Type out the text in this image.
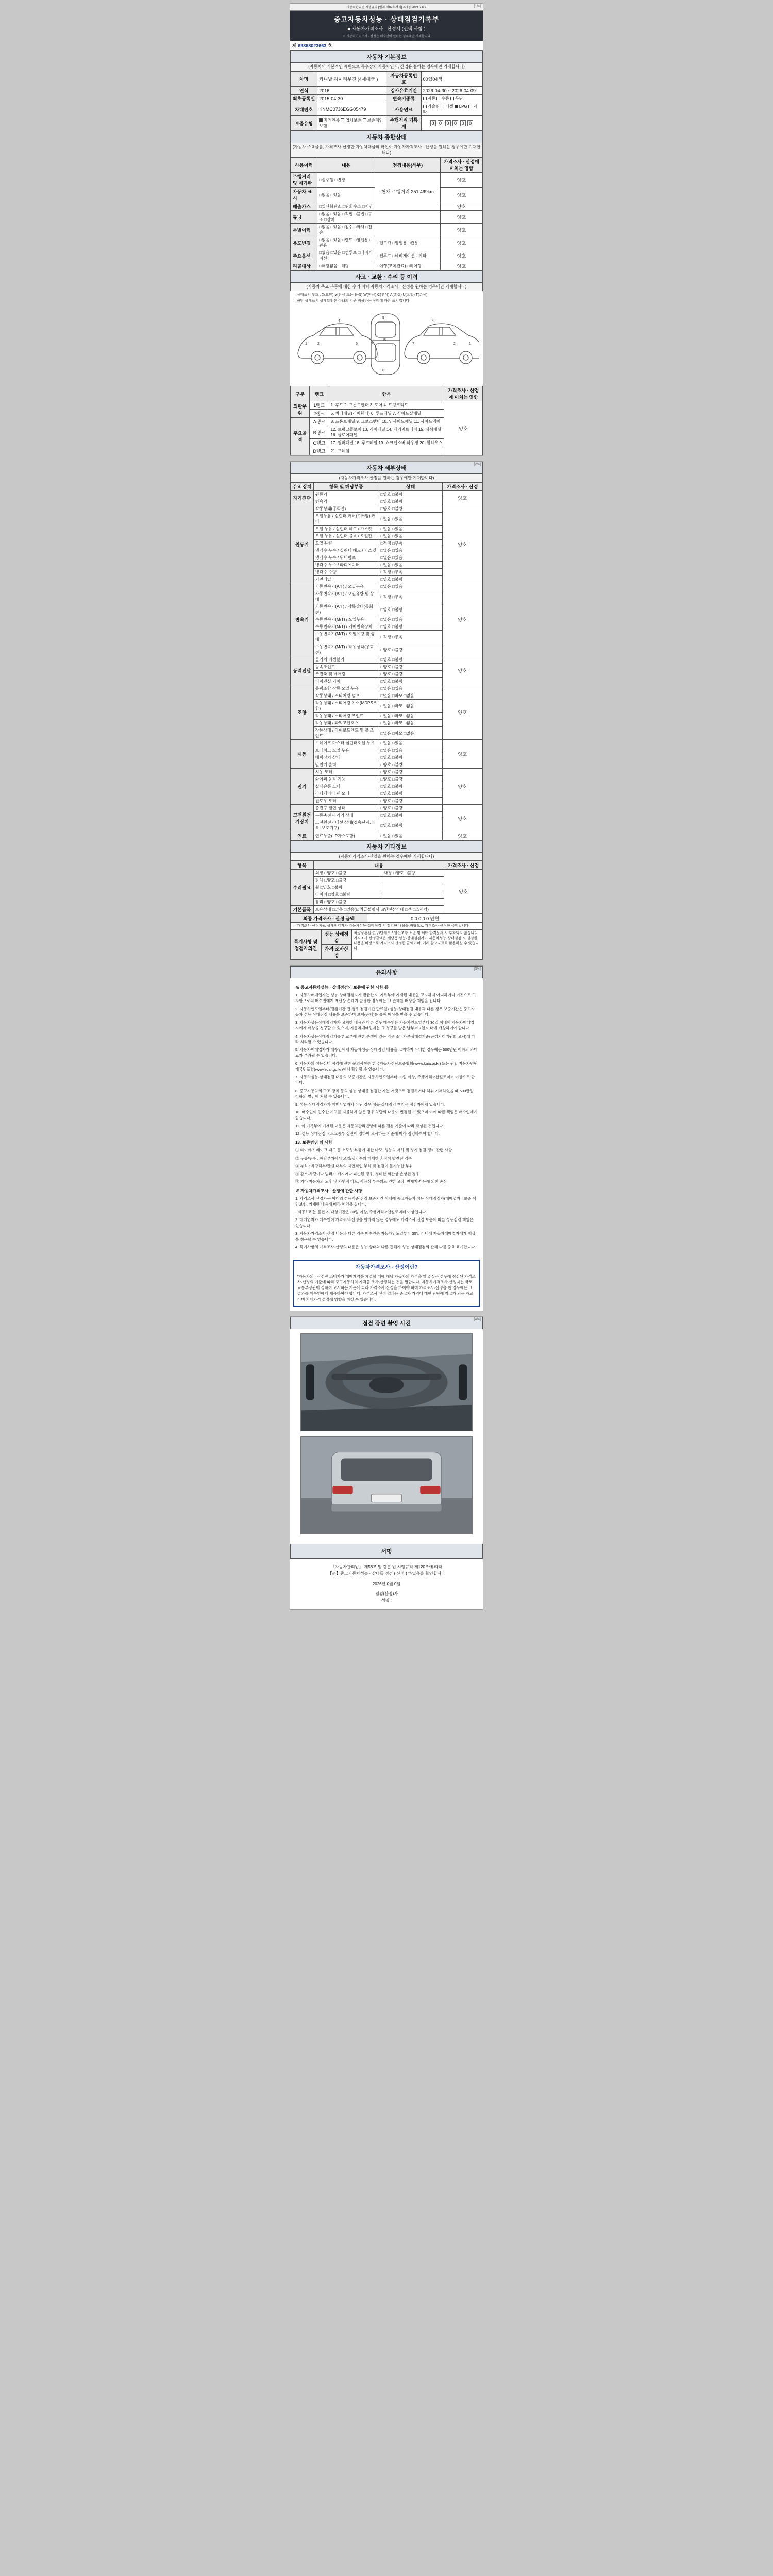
[1/4]
자동차관리법 시행규칙 [별지 제82호서식] <개정 2021.7.6.>
중고자동차성능 · 상태점검기록부
■ 자동차가격조사 · 산정서 (선택 사항 )
※ 자동차가격조사 · 산정은 매수인이 원하는 경우에만 기재합니다
제 69368023663 호
자동차 기본정보
(자동차의 기본적인 제원으로 특수장치 자동차인지, 산업용 불하는 경우에만 기재합니다)
차명	카니발 하이리무진 (4세대급 )	자동차등록번호	00있04색
연식	2016	검사유효기간	2026-04-30 ~ 2026-04-09
최초등록일	2015-04-30	변속기종류	자동 수동 무단
차대번호	KNMC07J6EGG05479	사용연료	가솔린 디젤 LPG 기타
보증유형	자기인증 업체보증 보증책임보험	주행거리 기록계	0 0 0 0 0 0
자동차 종합상태
(자동차 주요물품, 가격조사·산정한 자동차대금의 확인이 자동차가격조사 · 산정을 원하는 경우에만 기재합니다)
사용이력	내용	점검내용(세부)	가격조사 · 산정에 미치는 영향
주행거리 및 계기판	□실주행 □변경	현재 주행거리 251,499km	양호
자동차 표시	□없음 □있음		양호
배출가스	□일산화탄소 □탄화수소 □매연		양호
튜닝	□없음 □있음 □적법 □불법 □구조 □장치		양호
특별이력	□없음 □있음 □침수 □화재 □전손		양호
용도변경	□없음 □있음 □렌트 □영업용 □관용	□렌트카 □영업용 □관용	양호
주요옵션	□없음 □있음 □썬루프 □네비게이션	□썬루프 □네비게이션 □기타	양호
리콜대상	□해당없음 □해당	□이행(조치완료) □미이행	양호
사고 · 교환 · 수리 등 이력
(자동차 주요 부품에 대한 수리 이력 자동차가격조사 · 산정을 원하는 경우에만 기재합니다)
※ 상태표시 부호 : X(교환) ∨(판금 또는 용접) W(판금) C(부식) A(흠집) U(요철) T(손상)
※ 하단 상태표시 상태확인은 아래의 기준 적용하는 상태에 따른 표시입니다
1	2
4
5	7
9
10
8
7
4
2	1
구분	랭크	항목	가격조사 · 산정에 미치는 영향
외판부위	1랭크	1. 후드 2. 프론트휀더 3. 도어 4. 트렁크리드	양호
	2랭크	5. 쿼터패널(리어휀더) 6. 루프패널 7. 사이드실패널	
주요골격	A랭크	8. 프론트패널 9. 크로스멤버 10. 인사이드패널 11. 사이드멤버	
	B랭크	12. 트렁크플로어 13. 리어패널 14. 패키지트레이 15. 대쉬패널 16. 플로어패널	
	C랭크	17. 필러패널 18. 루프레일 19. 쇼크업소버 하우징 20. 휠하우스	
	D랭크	21. 프레임	
[2/4]
자동차 세부상태
(자동차가격조사·산정을 원하는 경우에만 기재합니다)
주요 장치	항목 및 해당부품	상태	가격조사 · 산정
자기진단	원동기	□양호 □불량	양호
	변속기	□양호 □불량	
원동기	작동상태(공회전)	□양호 □불량	양호
	오일누유 / 실린더 커버(로커암) 커버	□없음 □있음	
	오일 누유 / 실린더 헤드 / 가스켓	□없음 □있음	
	오일 누유 / 실린더 블록 / 오일팬	□없음 □있음	
	오일 유량	□적정 □부족	
	냉각수 누수 / 실린더 헤드 / 가스켓	□없음 □있음	
	냉각수 누수 / 워터펌프	□없음 □있음	
	냉각수 누수 / 라디에이터	□없음 □있음	
	냉각수 수량	□적정 □부족	
	커먼레일	□양호 □불량	
변속기	자동변속기(A/T) / 오일누유	□없음 □있음	양호
	자동변속기(A/T) / 오일유량 및 상태	□적정 □부족	
	자동변속기(A/T) / 작동상태(공회전)	□양호 □불량	
	수동변속기(M/T) / 오일누유	□없음 □있음	
	수동변속기(M/T) / 기어변속장치	□양호 □불량	
	수동변속기(M/T) / 오일유량 및 상태	□적정 □부족	
	수동변속기(M/T) / 작동상태(공회전)	□양호 □불량	
동력전달	클러치 어셈블리	□양호 □불량	양호
	등속조인트	□양호 □불량	
	추진축 및 베어링	□양호 □불량	
	디퍼렌셜 기어	□양호 □불량	
조향	동력조향 작동 오일 누유	□없음 □있음	양호
	작동상태 / 스티어링 펌프	□없음 □마모 □없음	
	작동상태 / 스티어링 기어(MDPS포함)	□없음 □마모 □없음	
	작동상태 / 스티어링 조인트	□없음 □마모 □없음	
	작동상태 / 파워고압호스	□없음 □마모 □없음	
	작동상태 / 타이로드엔드 및 볼 조인트	□없음 □마모 □없음	
제동	브레이크 마스터 실린더오일 누유	□없음 □있음	양호
	브레이크 오일 누유	□없음 □있음	
	배력장치 상태	□양호 □불량	
	발전기 출력	□양호 □불량	
전기	시동 모터	□양호 □불량	양호
	와이퍼 동작 기능	□양호 □불량	
	실내송풍 모터	□양호 □불량	
	라디에이터 팬 모터	□양호 □불량	
	윈도우 모터	□양호 □불량	
고전원전기장치	충전구 절연 상태	□양호 □불량	양호
	구동축전지 격리 상태	□양호 □불량	
	고전원전기배선 상태(접속단자, 피복, 보호기구)	□양호 □불량	
연료	연료누출(LP가스포함)	□없음 □있음	양호
자동차 기타정보
(자동차가격조사·산정을 원하는 경우에만 기재합니다)
항목	내용		가격조사 · 산정
수리필요	외장 □양호 □불량	내장 □양호 □불량	양호
	광택 □양호 □불량		
	휠 □양호 □불량		
	타이어 □양호 □불량		
	유리 □양호 □불량		
기본품목	보유상태 □없음 □있음(☑취급설명서 ☑안전삼각대 □잭 □스패너)		
최종 가격조사 · 산정 금액	0 0 0 0 0 만원
※ 가격조사·산정자료 상태점검자가 자동차성능·상태점검 시 점검한 내용을 바탕으로 가격조사·산정한 금액입니다.
특기사항 및 점검자의견	성능·상태점검	차량쿠폰실 연구/단체코스할인조항 소멸 및 혜택 합격문서 시 부착되지 않습니다 가격조사·산정금액은 해당품 성능·상태점검자가 자동차성능·상태점검 시 점검한 내용을 바탕으로 가격조사 산정한 금액이며, 거래 참고자료로 활용하실 수 있습니다
가격·조사산정
[3/4]
유의사항
※ 중고자동차성능 · 상태점검의 보증에 관한 사항 등

1. 자동차매매업자는 성능·상태점검자가 발급한 이 기록부에 기재된 내용을 고지하지 아니하거나 거짓으로 고지함으로써 매수인에게 재산상 손해가 발생한 경우에는 그 손해를 배상할 책임을 집니다.

2. 자동차인도일부터(점검기간 전 경우 점검기간 만료일) 성능·상태점검 내용과 다른 경우 보증기간은 중고자동차 성능·상태점검 내용을 보증하며 보험(공제)를 통해 배상을 받을 수 있습니다.

3. 자동차성능상태점검자가 고지한 내용과 다른 경우 매수인은 자동차인도일부터 30일 이내에 자동차매매업자에게 배상을 청구할 수 있으며, 자동차매매업자는 그 청구를 받은 날부터 7일 이내에 배상하여야 합니다.

4. 자동차성능상태점검기록부 교부에 관한 분쟁이 있는 경우 소비자분쟁해결기준(공정거래위원회 고시)에 따라 처리할 수 있습니다.

5. 자동차매매업자가 매수인에게 자동차성능·상태점검 내용을 고지하지 아니한 경우에는 500만원 이하의 과태료가 부과될 수 있습니다.

6. 자동차의 성능상태 점검에 관한 문의사항은 한국자동차진단보증협회(www.kaia.or.kr) 또는 관할 자동차민원 대국민포털(www.ecar.go.kr)에서 확인할 수 있습니다.

7. 자동차성능·상태점검 내용의 보증기간은 자동차인도일부터 30일 이상, 주행거리 2천킬로미터 이상으로 합니다.

8. 중고자동차의 구조·장치 등의 성능·상태를 점검한 자는 거짓으로 점검하거나 허위 기재하였을 때 500만원 이하의 벌금에 처할 수 있습니다.

9. 성능·상태점검자가 매매사업자가 아닌 경우 성능·상태점검 책임은 점검자에게 있습니다.

10. 매수인이 인수한 시고를 지불하지 않은 경우 차량의 내용이 변경될 수 있으며 이에 따른 책임은 매수인에게 있습니다.

11. 이 기록부에 기재된 내용은 자동차관리법령에 따른 점검 기준에 따라 작성된 것입니다.

12. 성능·상태점검 국토교통부 장관이 정하여 고시하는 기준에 따라 점검하여야 합니다.

13. 보증범위 외 사항

① 타이어/브레이크 패드 등 소모성 부품에 대한 마모, 성능의 저하 및 정기 점검·정비 관련 사항

② 누유/누수 : 해당부위에서 오일/냉각수의 미세한 흔적이 발견된 경우

③ 부식 : 차량하부/판넬 내부의 자연적인 부식 및 점검이 불가능한 부위

④ 감소·차량이나 범퍼가 깨지거나 파손된 경우, 경미한 외관상 손상된 경우

⑤ 기타 자동차의 노후 및 자연적 마모, 사용상 부주의로 인한 고장, 천재지변 등에 의한 손상

※ 자동차가격조사 · 산정에 관한 사항

1. 가격조사·산정자는 이래의 성능기준 점검 보증기간 이내에 중고자동차 성능·상태점검자(매매업자 · 보증 책임보험, 기재한 내용에 따라 책임을 집니다.

· 제공하려는 물건 지 대상기간은 30일 이상, 주행거리 2천킬로미터 이상입니다.

2. 매매업자가 매수인이 가격조사·산정을 원하지 않는 경우에도 가격조사·산정 보증에 따른 성능점검 책임은 있습니다.

3. 자동차가격조사·산정 내용과 다른 경우 매수인은 자동차인도일부터 30일 이내에 자동차매매업자에게 배상을 청구할 수 있습니다.

4. 특기사항의 가격조사·산정의 내용은 성능·상태와 다른 견해가 성능·상태점검의 관해 다룰 중요 표시합니다.

자동차가격조사 · 산정이란?
"자동차의 · 산정란 소비자가 매매계약을 체결할 때에 해당 자동차의 가격을 알고 싶은 경우에 점검된 가격조사·산정의 기준에 따라 중고자동차의 가격을 조사·산정하는 것을 말합니다. 자동차가격조사·산정자는 국토교통부장관이 정하여 고시하는 기준에 따라 가격조사·산정을 하여야 하며 가격조사·산정을 한 경우에는 그 결과를 매수인에게 제공하여야 합니다. 가격조사·산정 결과는 중고차 가격에 대한 판단에 참고가 되는 자료이며 거래가격 결정에 영향을 미칠 수 있습니다.
[4/4]
점검 장면 촬영 사진
서명
「자동차관리법」 제58조 및 같은 법 시행규칙 제120조에 따라
【※】중고자동차성능 · 상태를 점검 ( 산정 ) 하였음을 확인합니다
2026년 0월 0일
점검(산정)자
성명 :
